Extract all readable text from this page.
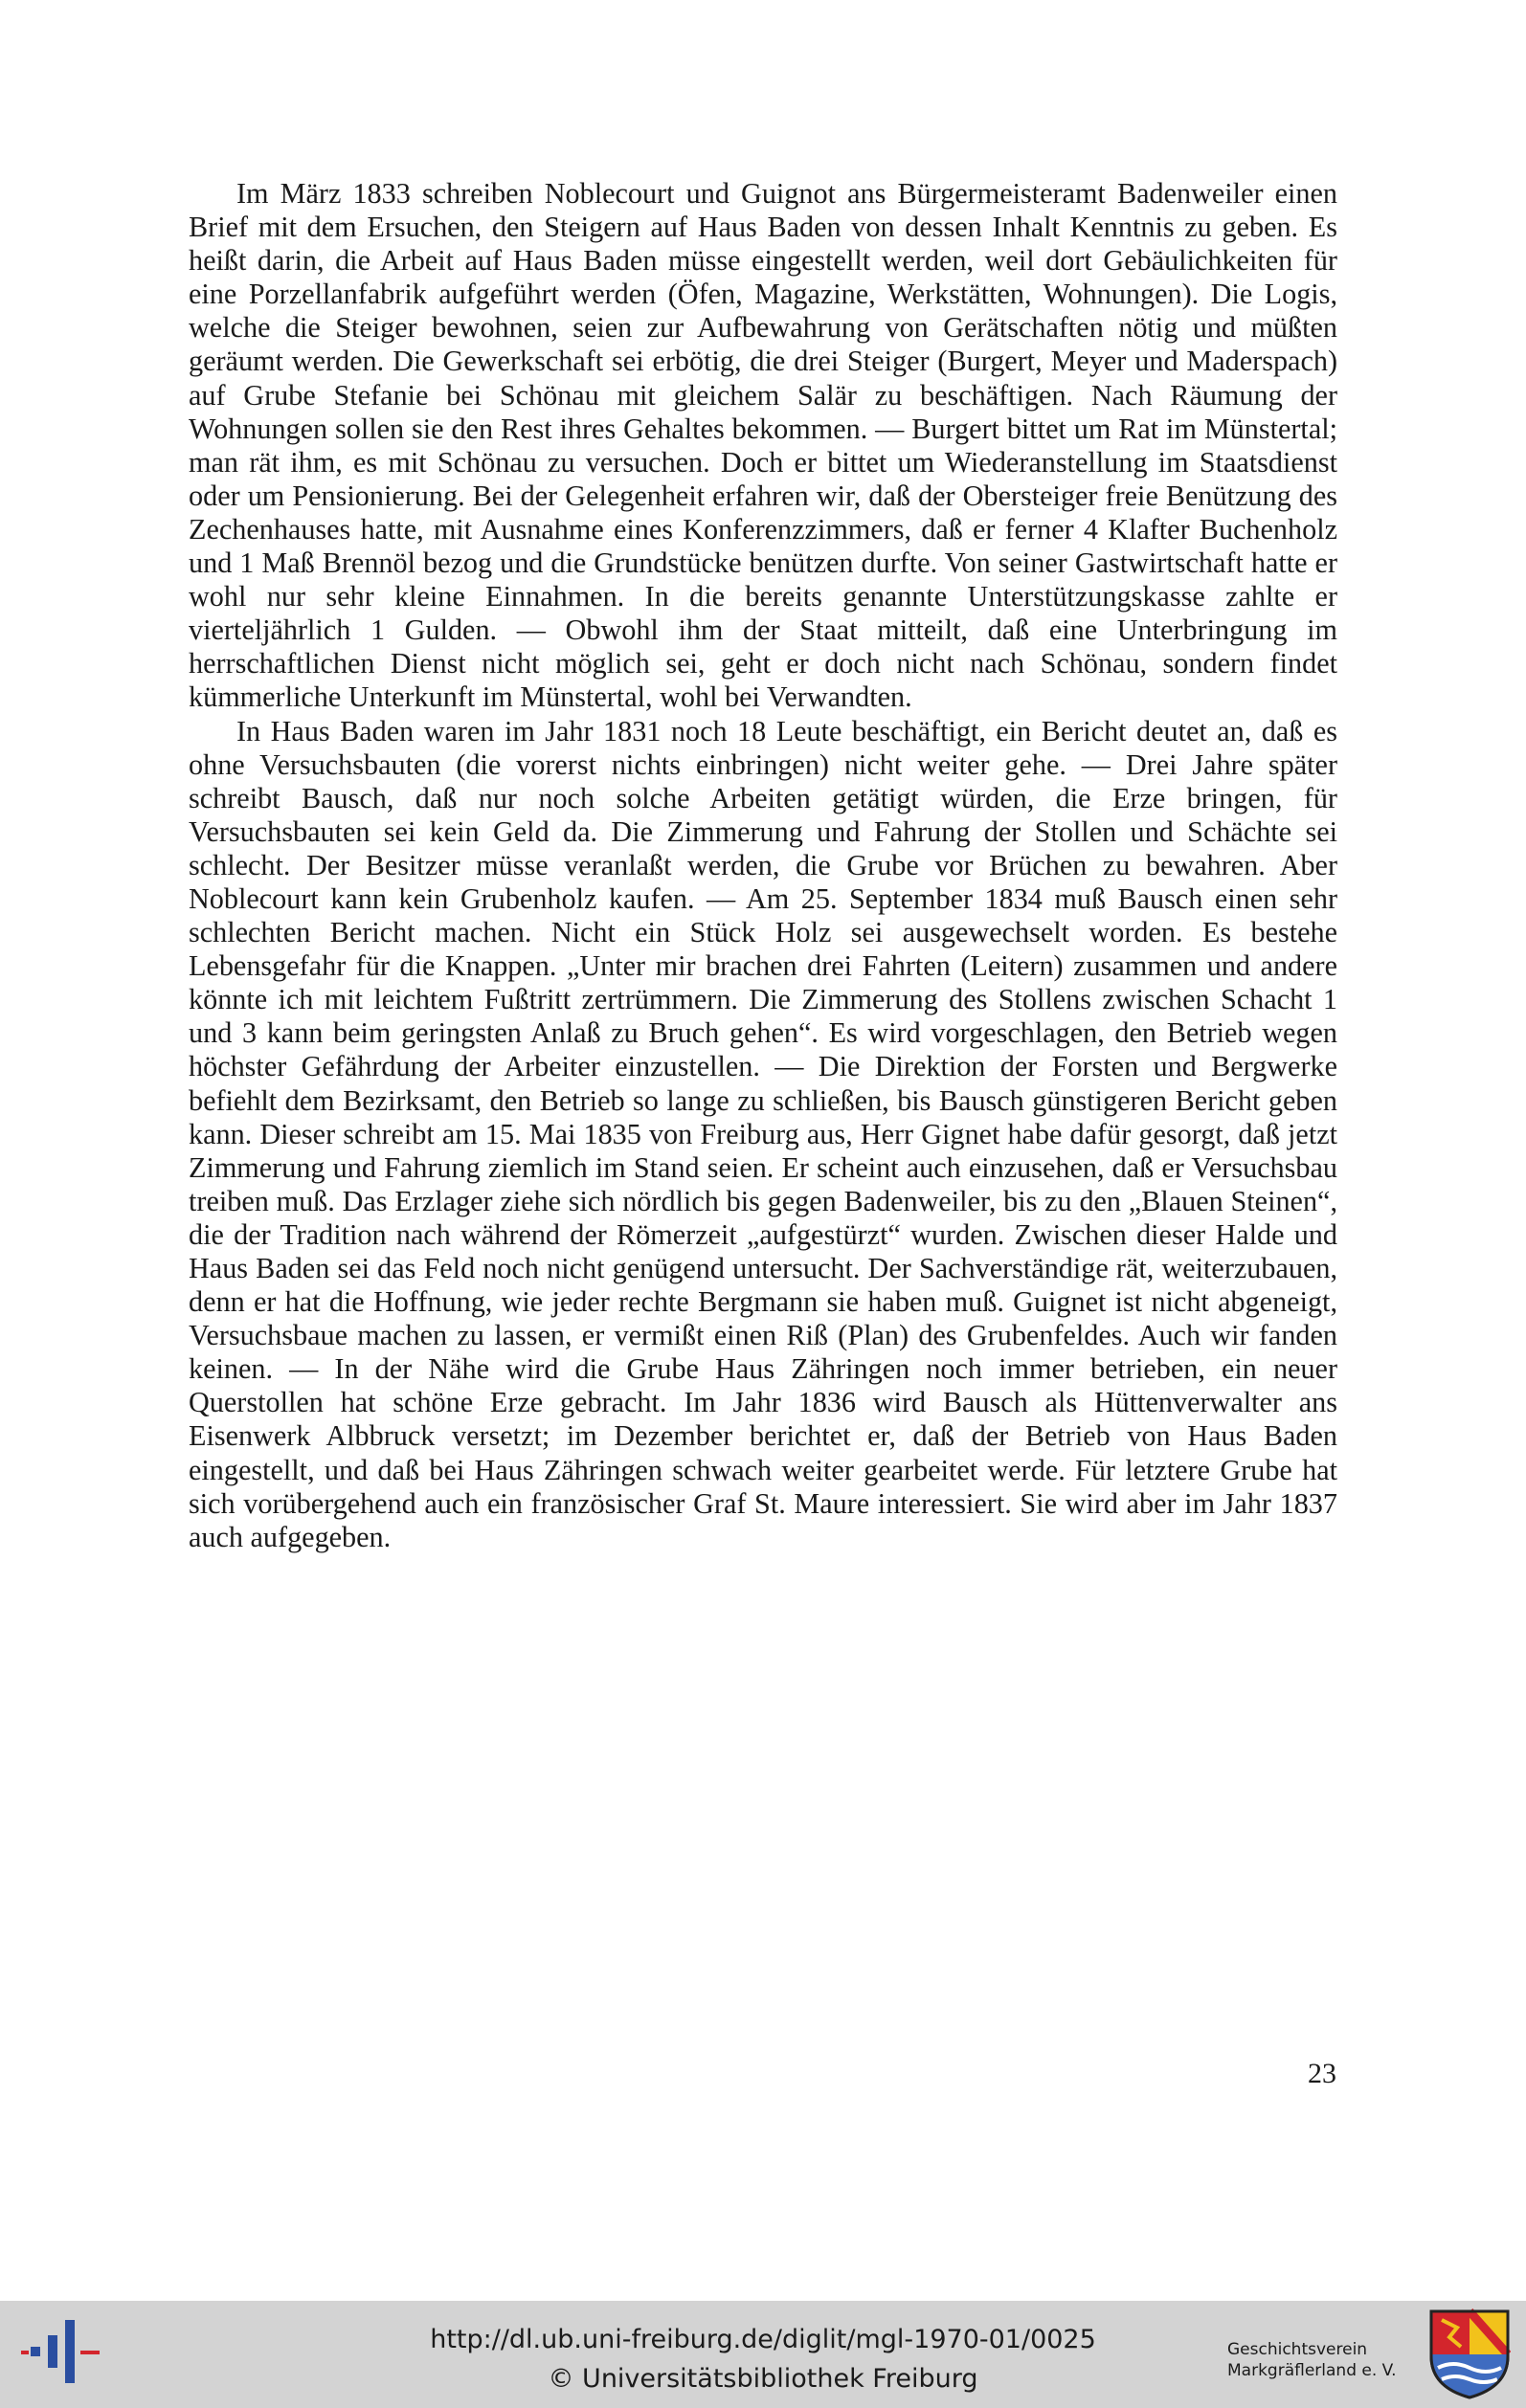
Im März 1833 schreiben Noblecourt und Guignot ans Bürgermeisteramt Badenweiler einen Brief mit dem Ersuchen, den Steigern auf Haus Baden von dessen Inhalt Kenntnis zu geben. Es heißt darin, die Arbeit auf Haus Baden müsse eingestellt werden, weil dort Gebäulichkeiten für eine Porzellanfabrik aufgeführt werden (Öfen, Magazine, Werkstätten, Wohnungen). Die Logis, welche die Steiger bewohnen, seien zur Aufbewahrung von Gerätschaften nötig und müßten geräumt werden. Die Gewerkschaft sei erbötig, die drei Steiger (Burgert, Meyer und Maderspach) auf Grube Stefanie bei Schönau mit gleichem Salär zu beschäftigen. Nach Räumung der Wohnungen sollen sie den Rest ihres Gehaltes bekommen. — Burgert bittet um Rat im Münstertal; man rät ihm, es mit Schönau zu versuchen. Doch er bittet um Wiederanstellung im Staatsdienst oder um Pensionierung. Bei der Gelegenheit erfahren wir, daß der Obersteiger freie Benützung des Zechenhauses hatte, mit Ausnahme eines Konferenzzimmers, daß er ferner 4 Klafter Buchenholz und 1 Maß Brennöl bezog und die Grundstücke benützen durfte. Von seiner Gastwirtschaft hatte er wohl nur sehr kleine Einnahmen. In die bereits genannte Unterstützungskasse zahlte er vierteljährlich 1 Gulden. — Obwohl ihm der Staat mitteilt, daß eine Unterbringung im herrschaftlichen Dienst nicht möglich sei, geht er doch nicht nach Schönau, sondern findet kümmerliche Unterkunft im Münstertal, wohl bei Verwandten.

In Haus Baden waren im Jahr 1831 noch 18 Leute beschäftigt, ein Bericht deutet an, daß es ohne Versuchsbauten (die vorerst nichts einbringen) nicht weiter gehe. — Drei Jahre später schreibt Bausch, daß nur noch solche Arbeiten getätigt würden, die Erze bringen, für Versuchsbauten sei kein Geld da. Die Zimmerung und Fahrung der Stollen und Schächte sei schlecht. Der Besitzer müsse veranlaßt werden, die Grube vor Brüchen zu bewahren. Aber Noblecourt kann kein Grubenholz kaufen. — Am 25. September 1834 muß Bausch einen sehr schlechten Bericht machen. Nicht ein Stück Holz sei ausgewechselt worden. Es bestehe Lebensgefahr für die Knappen. „Unter mir brachen drei Fahrten (Leitern) zusammen und andere könnte ich mit leichtem Fußtritt zertrümmern. Die Zimmerung des Stollens zwischen Schacht 1 und 3 kann beim geringsten Anlaß zu Bruch gehen“. Es wird vorgeschlagen, den Betrieb wegen höchster Gefährdung der Arbeiter einzustellen. — Die Direktion der Forsten und Bergwerke befiehlt dem Bezirksamt, den Betrieb so lange zu schließen, bis Bausch günstigeren Bericht geben kann. Dieser schreibt am 15. Mai 1835 von Freiburg aus, Herr Gignet habe dafür gesorgt, daß jetzt Zimmerung und Fahrung ziemlich im Stand seien. Er scheint auch einzusehen, daß er Versuchsbau treiben muß. Das Erzlager ziehe sich nördlich bis gegen Badenweiler, bis zu den „Blauen Steinen“, die der Tradition nach während der Römerzeit „aufgestürzt“ wurden. Zwischen dieser Halde und Haus Baden sei das Feld noch nicht genügend untersucht. Der Sachverständige rät, weiterzubauen, denn er hat die Hoffnung, wie jeder rechte Bergmann sie haben muß. Guignet ist nicht abgeneigt, Versuchsbaue machen zu lassen, er vermißt einen Riß (Plan) des Grubenfeldes. Auch wir fanden keinen. — In der Nähe wird die Grube Haus Zähringen noch immer betrieben, ein neuer Querstollen hat schöne Erze gebracht. Im Jahr 1836 wird Bausch als Hüttenverwalter ans Eisenwerk Albbruck versetzt; im Dezember berichtet er, daß der Betrieb von Haus Baden eingestellt, und daß bei Haus Zähringen schwach weiter gearbeitet werde. Für letztere Grube hat sich vorübergehend auch ein französischer Graf St. Maure interessiert. Sie wird aber im Jahr 1837 auch aufgegeben.

23
http://dl.ub.uni-freiburg.de/diglit/mgl-1970-01/0025
© Universitätsbibliothek Freiburg
Geschichtsverein
Markgräflerland e. V.
